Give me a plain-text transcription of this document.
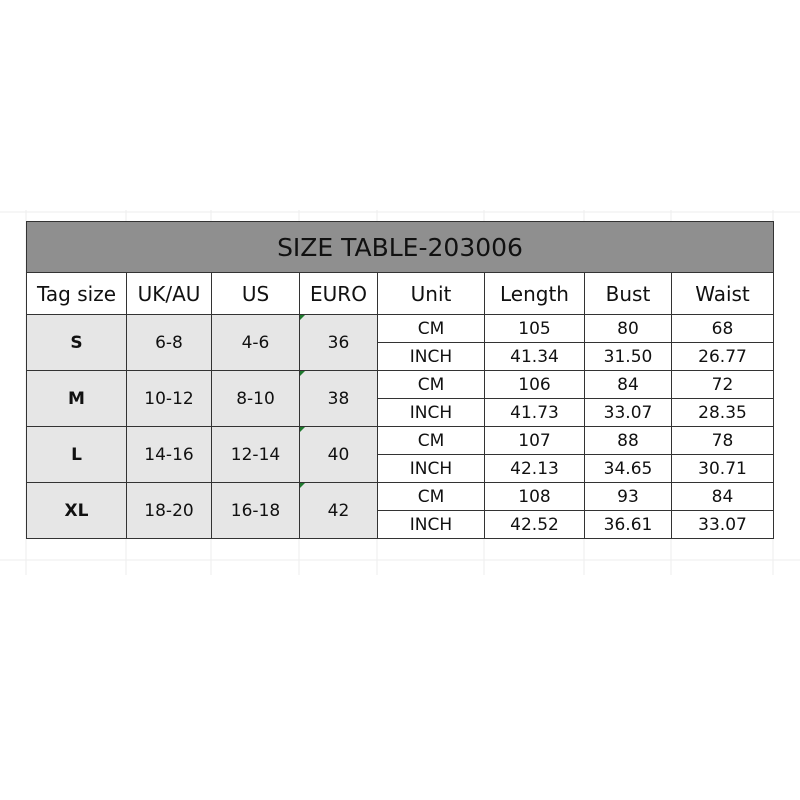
SIZE TABLE-203006							
Tag size	UK/AU	US	EURO	Unit	Length	Bust	Waist
S	6-8	4-6	36	CM	105	80	68
				INCH	41.34	31.50	26.77
M	10-12	8-10	38	CM	106	84	72
				INCH	41.73	33.07	28.35
L	14-16	12-14	40	CM	107	88	78
				INCH	42.13	34.65	30.71
XL	18-20	16-18	42	CM	108	93	84
				INCH	42.52	36.61	33.07
